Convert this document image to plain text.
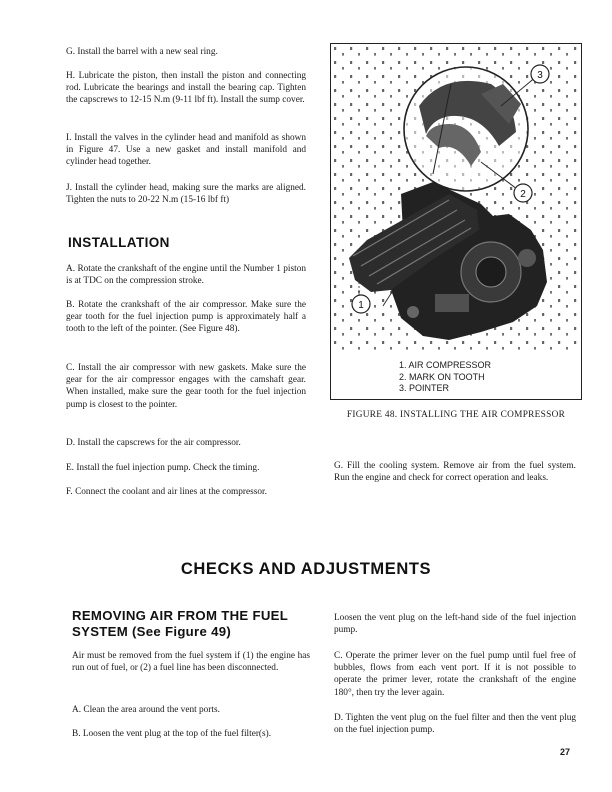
G. Install the barrel with a new seal ring.

H. Lubricate the piston, then install the piston and connecting rod. Lubricate the bearings and install the bearing cap. Tighten the capscrews to 12-15 N.m (9-11 lbf ft). Install the sump cover.

I. Install the valves in the cylinder head and manifold as shown in Figure 47. Use a new gasket and install manifold and cylinder head together.

J. Install the cylinder head, making sure the marks are aligned. Tighten the nuts to 20-22 N.m (15-16 lbf ft)

INSTALLATION

A. Rotate the crankshaft of the engine until the Number 1 piston is at TDC on the compression stroke.

B. Rotate the crankshaft of the air compressor. Make sure the gear tooth for the fuel injection pump is approximately half a tooth to the left of the pointer. (See Figure 48).

C. Install the air compressor with new gaskets. Make sure the gear for the air compressor engages with the camshaft gear. When installed, make sure the gear tooth for the fuel injection pump is closest to the pointer.

D. Install the capscrews for the air compressor.

E. Install the fuel injection pump. Check the timing.

F. Connect the coolant and air lines at the compressor.

3
2
1
1. AIR COMPRESSOR
2. MARK ON TOOTH
3. POINTER

FIGURE 48. INSTALLING THE AIR COMPRESSOR

G. Fill the cooling system. Remove air from the fuel system. Run the engine and check for correct operation and leaks.

CHECKS AND ADJUSTMENTS
REMOVING AIR FROM THE FUEL SYSTEM (See Figure 49)

Air must be removed from the fuel system if (1) the engine has run out of fuel, or (2) a fuel line has been disconnected.

A. Clean the area around the vent ports.

B. Loosen the vent plug at the top of the fuel filter(s).

Loosen the vent plug on the left-hand side of the fuel injection pump.

C. Operate the primer lever on the fuel pump until fuel free of bubbles, flows from each vent port. If it is not possible to operate the primer lever, rotate the crankshaft of the engine 180°, then try the lever again.

D. Tighten the vent plug on the fuel filter and then the vent plug on the fuel injection pump.

27
